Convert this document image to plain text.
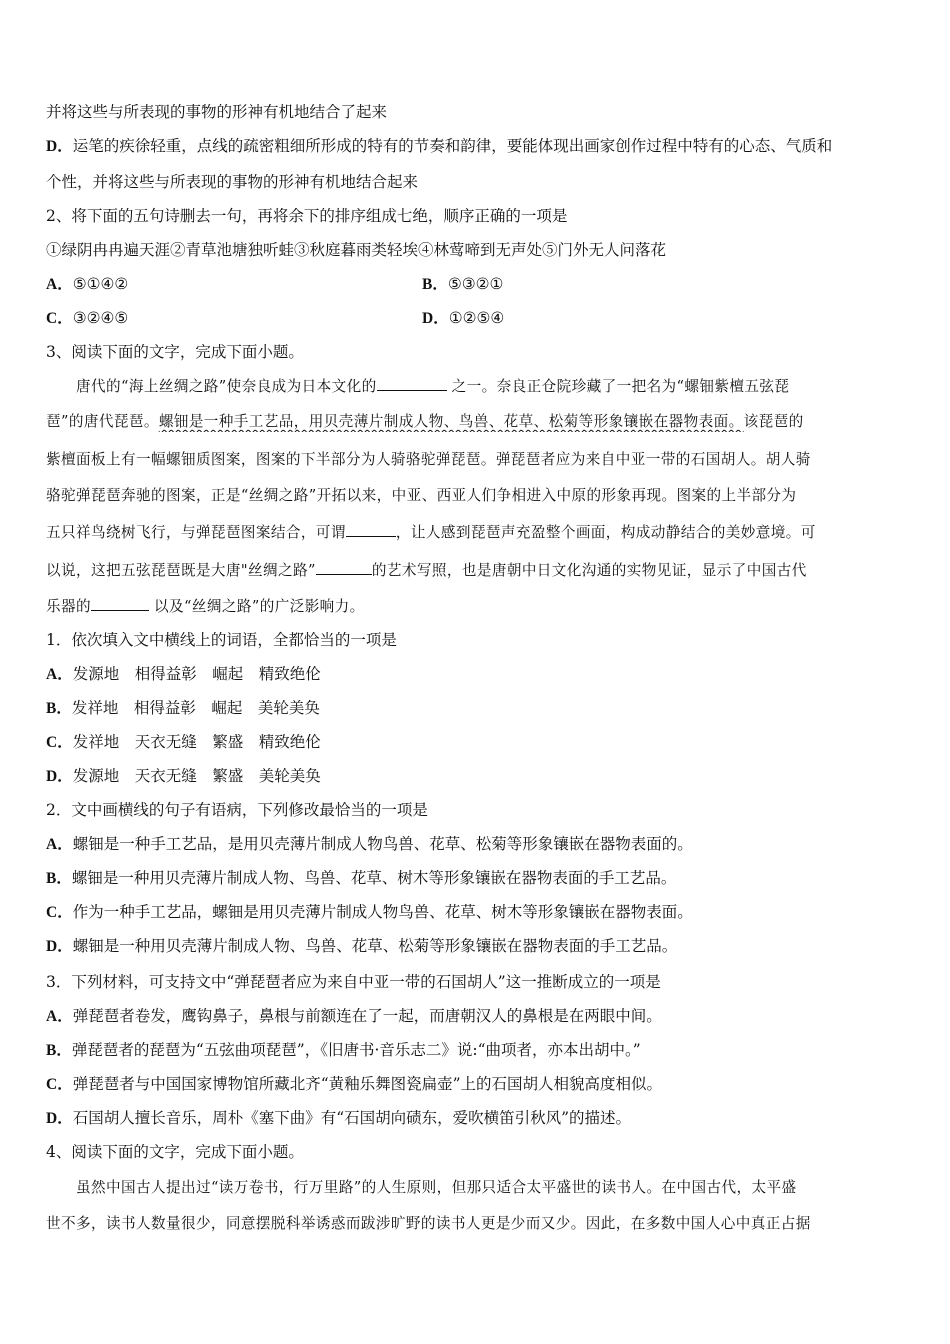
并将这些与所表现的事物的形神有机地结合了起来
D．运笔的疾徐轻重，点线的疏密粗细所形成的特有的节奏和韵律，要能体现出画家创作过程中特有的心态、气质和
个性，并将这些与所表现的事物的形神有机地结合起来
2、将下面的五句诗删去一句，再将余下的排序组成七绝，顺序正确的一项是
①绿阴冉冉遍天涯②青草池塘独听蛙③秋庭暮雨类轻埃④林莺啼到无声处⑤门外无人问落花
A．⑤①④②	B．⑤③②①
C．③②④⑤	D．①②⑤④
3、阅读下面的文字，完成下面小题。
唐代的“海上丝绸之路”使奈良成为日本文化的	之一。奈良正仓院珍藏了一把名为“螺钿紫檀五弦琵
琶”的唐代琵琶。螺钿是一种手工艺品，用贝壳薄片制成人物、鸟兽、花草、松菊等形象镶嵌在器物表面。该琵琶的
紫檀面板上有一幅螺钿质图案，图案的下半部分为人骑骆驼弹琵琶。弹琵琶者应为来自中亚一带的石国胡人。胡人骑
骆驼弹琵琶奔驰的图案，正是“丝绸之路”开拓以来，中亚、西亚人们争相进入中原的形象再现。图案的上半部分为
五只祥鸟绕树飞行，与弹琵琶图案结合，可谓	，让人感到琵琶声充盈整个画面，构成动静结合的美妙意境。可
以说，这把五弦琵琶既是大唐"丝绸之路”	的艺术写照，也是唐朝中日文化沟通的实物见证，显示了中国古代
乐器的	以及“丝绸之路”的广泛影响力。
1．依次填入文中横线上的词语，全都恰当的一项是
A．发源地　相得益彰　崛起　精致绝伦
B．发祥地　相得益彰　崛起　美轮美奂
C．发祥地　天衣无缝　繁盛　精致绝伦
D．发源地　天衣无缝　繁盛　美轮美奂
2．文中画横线的句子有语病，下列修改最恰当的一项是
A．螺钿是一种手工艺品，是用贝壳薄片制成人物鸟兽、花草、松菊等形象镶嵌在器物表面的。
B．螺钿是一种用贝壳薄片制成人物、鸟兽、花草、树木等形象镶嵌在器物表面的手工艺品。
C．作为一种手工艺品，螺钿是用贝壳薄片制成人物鸟兽、花草、树木等形象镶嵌在器物表面。
D．螺钿是一种用贝壳薄片制成人物、鸟兽、花草、松菊等形象镶嵌在器物表面的手工艺品。
3．下列材料，可支持文中“弹琵琶者应为来自中亚一带的石国胡人”这一推断成立的一项是
A．弹琵琶者卷发，鹰钩鼻子，鼻根与前额连在了一起，而唐朝汉人的鼻根是在两眼中间。
B．弹琵琶者的琵琶为“五弦曲项琵琶”，《旧唐书·音乐志二》说:“曲项者，亦本出胡中。”
C．弹琵琶者与中国国家博物馆所藏北齐“黄釉乐舞图瓷扁壶”上的石国胡人相貌高度相似。
D．石国胡人擅长音乐，周朴《塞下曲》有“石国胡向碛东，爱吹横笛引秋风”的描述。
4、阅读下面的文字，完成下面小题。
虽然中国古人提出过“读万卷书，行万里路”的人生原则，但那只适合太平盛世的读书人。在中国古代，太平盛
世不多，读书人数量很少，同意摆脱科举诱惑而跋涉旷野的读书人更是少而又少。因此，在多数中国人心中真正占据
